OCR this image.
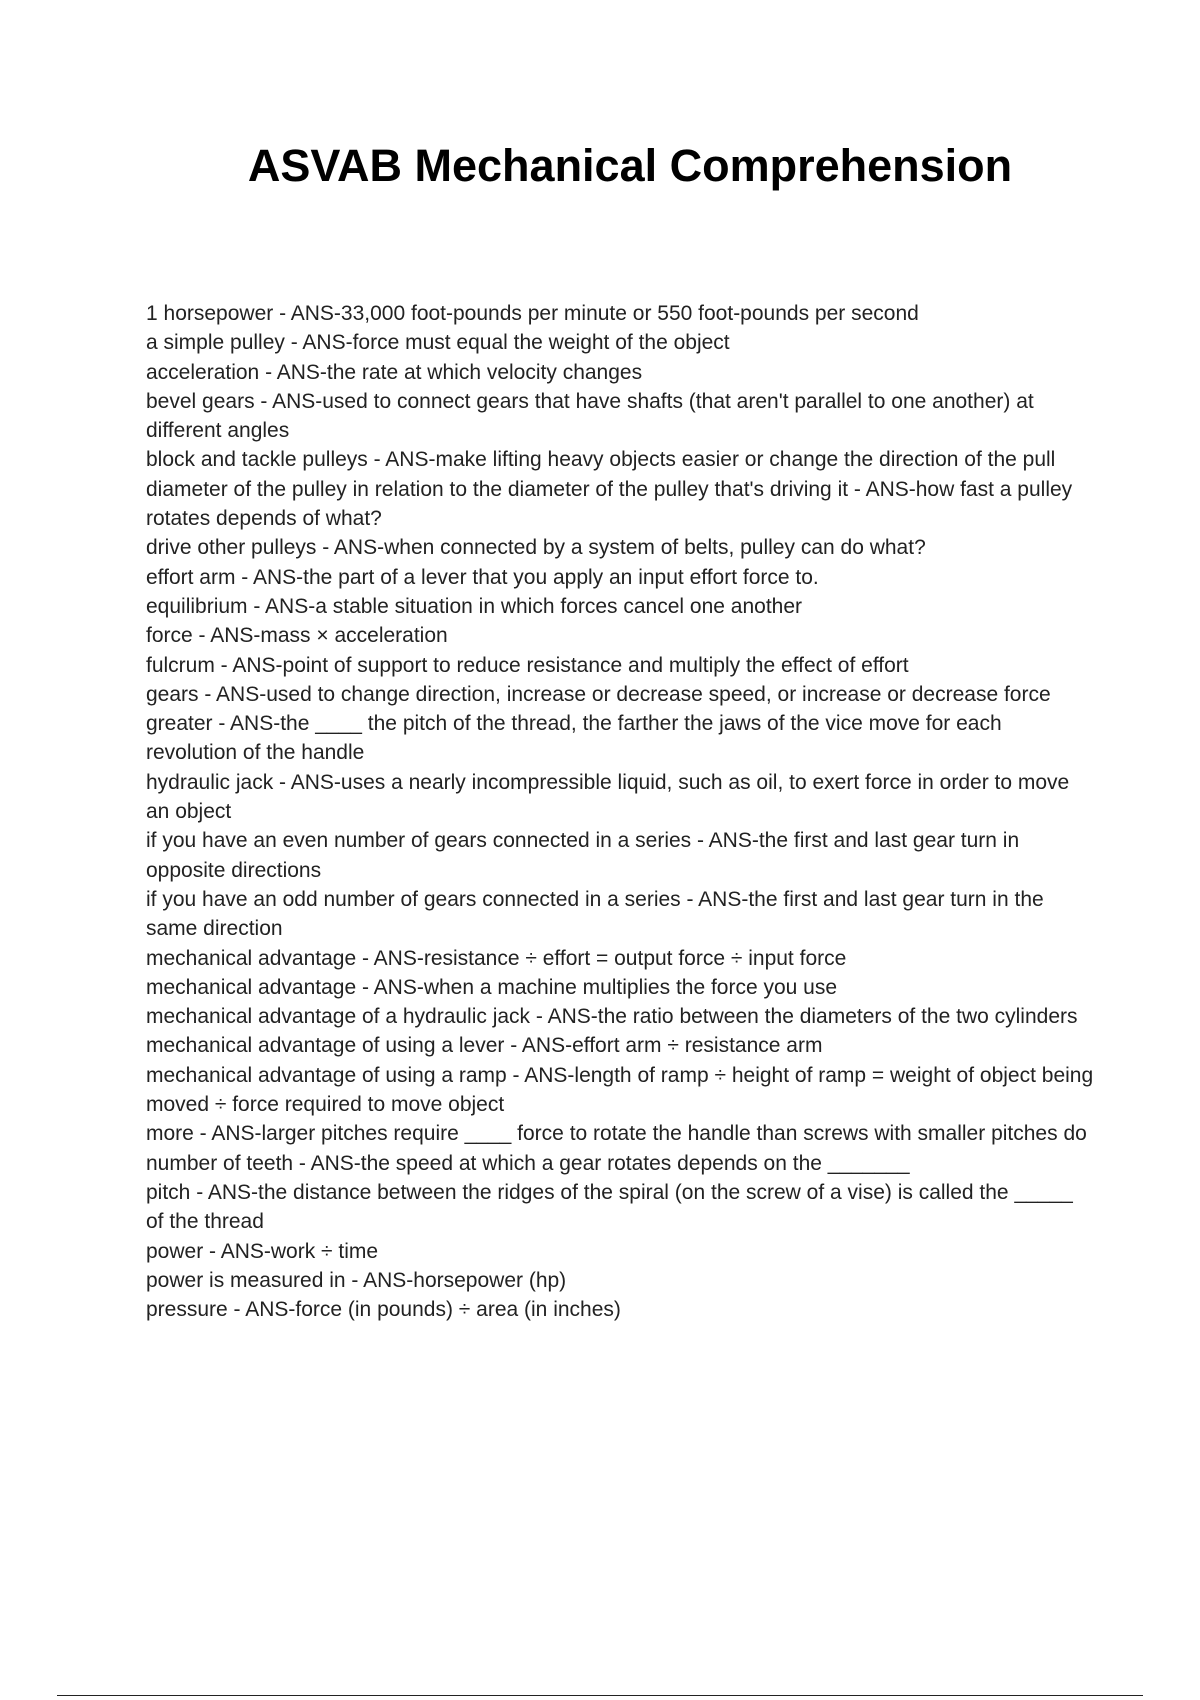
ASVAB Mechanical Comprehension
1 horsepower - ANS-33,000 foot-pounds per minute or 550 foot-pounds per second
a simple pulley - ANS-force must equal the weight of the object
acceleration - ANS-the rate at which velocity changes
bevel gears - ANS-used to connect gears that have shafts (that aren't parallel to one another) at different angles
block and tackle pulleys - ANS-make lifting heavy objects easier or change the direction of the pull
diameter of the pulley in relation to the diameter of the pulley that's driving it - ANS-how fast a pulley rotates depends of what?
drive other pulleys - ANS-when connected by a system of belts, pulley can do what?
effort arm - ANS-the part of a lever that you apply an input effort force to.
equilibrium - ANS-a stable situation in which forces cancel one another
force - ANS-mass × acceleration
fulcrum - ANS-point of support to reduce resistance and multiply the effect of effort
gears - ANS-used to change direction, increase or decrease speed, or increase or decrease force
greater - ANS-the ____ the pitch of the thread, the farther the jaws of the vice move for each revolution of the handle
hydraulic jack - ANS-uses a nearly incompressible liquid, such as oil, to exert force in order to move an object
if you have an even number of gears connected in a series - ANS-the first and last gear turn in opposite directions
if you have an odd number of gears connected in a series - ANS-the first and last gear turn in the same direction
mechanical advantage - ANS-resistance ÷ effort = output force ÷ input force
mechanical advantage - ANS-when a machine multiplies the force you use
mechanical advantage of a hydraulic jack - ANS-the ratio between the diameters of the two cylinders
mechanical advantage of using a lever - ANS-effort arm ÷ resistance arm
mechanical advantage of using a ramp - ANS-length of ramp ÷ height of ramp = weight of object being moved ÷ force required to move object
more - ANS-larger pitches require ____ force to rotate the handle than screws with smaller pitches do
number of teeth - ANS-the speed at which a gear rotates depends on the _______
pitch - ANS-the distance between the ridges of the spiral (on the screw of a vise) is called the _____ of the thread
power - ANS-work ÷ time
power is measured in - ANS-horsepower (hp)
pressure - ANS-force (in pounds) ÷ area (in inches)
